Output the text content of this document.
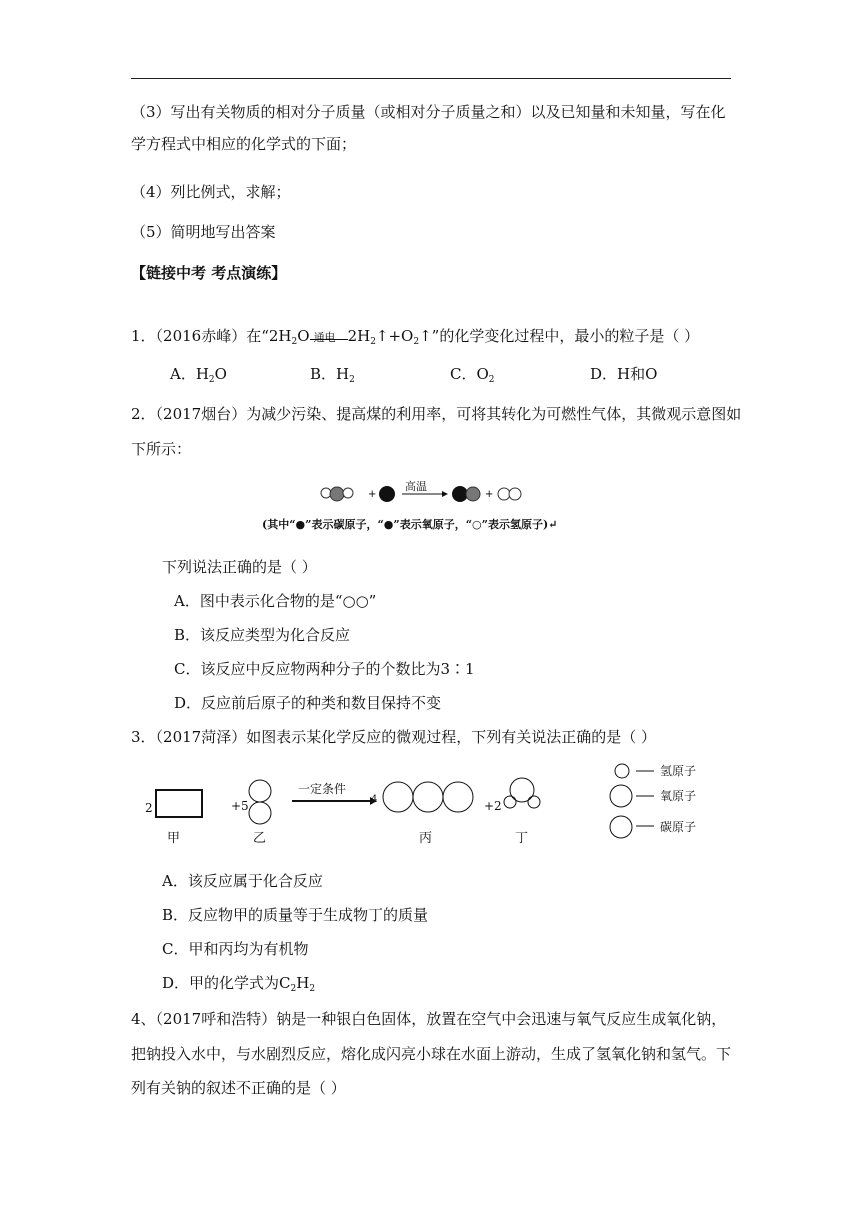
（3）写出有关物质的相对分子质量（或相对分子质量之和）以及已知量和未知量，写在化
学方程式中相应的化学式的下面；
（4）列比例式，求解；
（5）简明地写出答案
【链接中考 考点演练】
1．（2016赤峰）在“$2H_2O$ 通电 $2H_2↑+O_2↑$”的化学变化过程中，最小的粒子是（ ）
A．$H_2O$	B．$H_2$	C．$O_2$	D．H和O
2．（2017烟台）为减少污染、提高煤的利用率，可将其转化为可燃性气体，其微观示意图如
下所示：
+	+
高温
(其中“●”表示碳原子，“●”表示氧原子，“○”表示氢原子)↵
下列说法正确的是（ ）
A．图中表示化合物的是“○○”
B．该反应类型为化合反应
C．该反应中反应物两种分子的个数比为3∶1
D．反应前后原子的种类和数目保持不变
3．（2017菏泽）如图表示某化学反应的微观过程，下列有关说法正确的是（ ）
2	+5
一定条件
4	+2
甲	乙	丙	丁
氢原子
氧原子
碳原子
A．该反应属于化合反应
B．反应物甲的质量等于生成物丁的质量
C．甲和丙均为有机物
D．甲的化学式为$C_2H_2$
4、（2017呼和浩特）钠是一种银白色固体，放置在空气中会迅速与氧气反应生成氧化钠，
把钠投入水中，与水剧烈反应，熔化成闪亮小球在水面上游动，生成了氢氧化钠和氢气。下
列有关钠的叙述不正确的是（ ）
